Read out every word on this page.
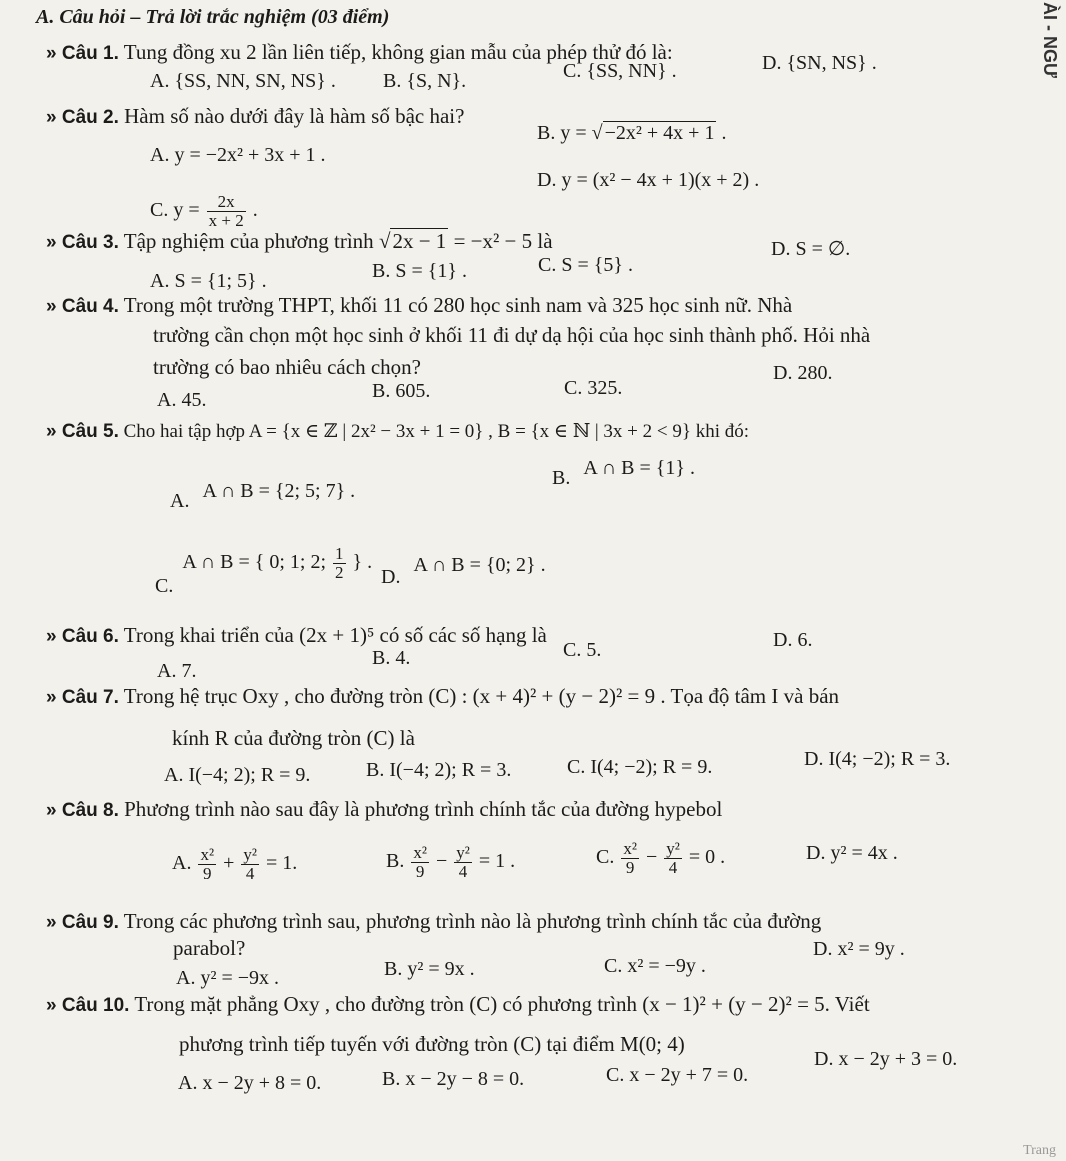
A. Câu hỏi – Trả lời trắc nghiệm (03 điểm)	ÀI - NGƯ
» Câu 1. Tung đồng xu 2 lần liên tiếp, không gian mẫu của phép thử đó là:
A. {SS, NN, SN, NS} . B. {S, N}.	C. {SS, NN} .	D. {SN, NS} .
» Câu 2. Hàm số nào dưới đây là hàm số bậc hai?
A. y = −2x² + 3x + 1 .
B. y = √ −2x² + 4x + 1 .
C. $y = \frac{2x}{x + 2}$ .
D. y = (x² − 4x + 1)(x + 2) .
» Câu 3. Tập nghiệm của phương trình √2x − 1 = −x² − 5 là
A. S = {1; 5} .	B. S = {1} .	C. S = {5} .
D. S = ∅.
» Câu 4. Trong một trường THPT, khối 11 có 280 học sinh nam và 325 học sinh nữ. Nhà
trường cần chọn một học sinh ở khối 11 đi dự dạ hội của học sinh thành phố. Hỏi nhà
trường có bao nhiêu cách chọn?
A. 45.	B. 605.	C. 325.
D. 280.
» Câu 5. Cho hai tập hợp A = {x ∈ ℤ | 2x² − 3x + 1 = 0} , B = {x ∈ ℕ | 3x + 2 < 9} khi đó:
A. A ∩ B = {2; 5; 7} .
B. A ∩ B = {1} .
C. A ∩ B = { 0; 1; 2; $\frac{1}{2}$ } .
D. A ∩ B = {0; 2} .
» Câu 6. Trong khai triển của (2x + 1)⁵ có số các số hạng là
A. 7.
B. 4.	C. 5.	D. 6.
» Câu 7. Trong hệ trục Oxy , cho đường tròn (C) : (x + 4)² + (y − 2)² = 9 . Tọa độ tâm I và bán
kính R của đường tròn (C) là
A. I(−4; 2); R = 9.	B. I(−4; 2); R = 3.	C. I(4; −2); R = 9.	D. I(4; −2); R = 3.
» Câu 8. Phương trình nào sau đây là phương trình chính tắc của đường hypebol
A. $\frac{\text{x²}}{9} + \frac{\text{y²}}{4} = 1$.	B. $\frac{\text{x²}}{9} - \frac{\text{y²}}{4} = 1$ .	C. $\frac{\text{x²}}{9} - \frac{\text{y²}}{4} = 0$ .	D. y² = 4x .
» Câu 9. Trong các phương trình sau, phương trình nào là phương trình chính tắc của đường
parabol?
A. y² = −9x .	B. y² = 9x .	C. x² = −9y .
D. x² = 9y .
» Câu 10. Trong mặt phẳng Oxy , cho đường tròn (C) có phương trình (x − 1)² + (y − 2)² = 5. Viết
phương trình tiếp tuyến với đường tròn (C) tại điểm M(0; 4)
A. x − 2y + 8 = 0.	B. x − 2y − 8 = 0.	C. x − 2y + 7 = 0.
D. x − 2y + 3 = 0.
Trang
